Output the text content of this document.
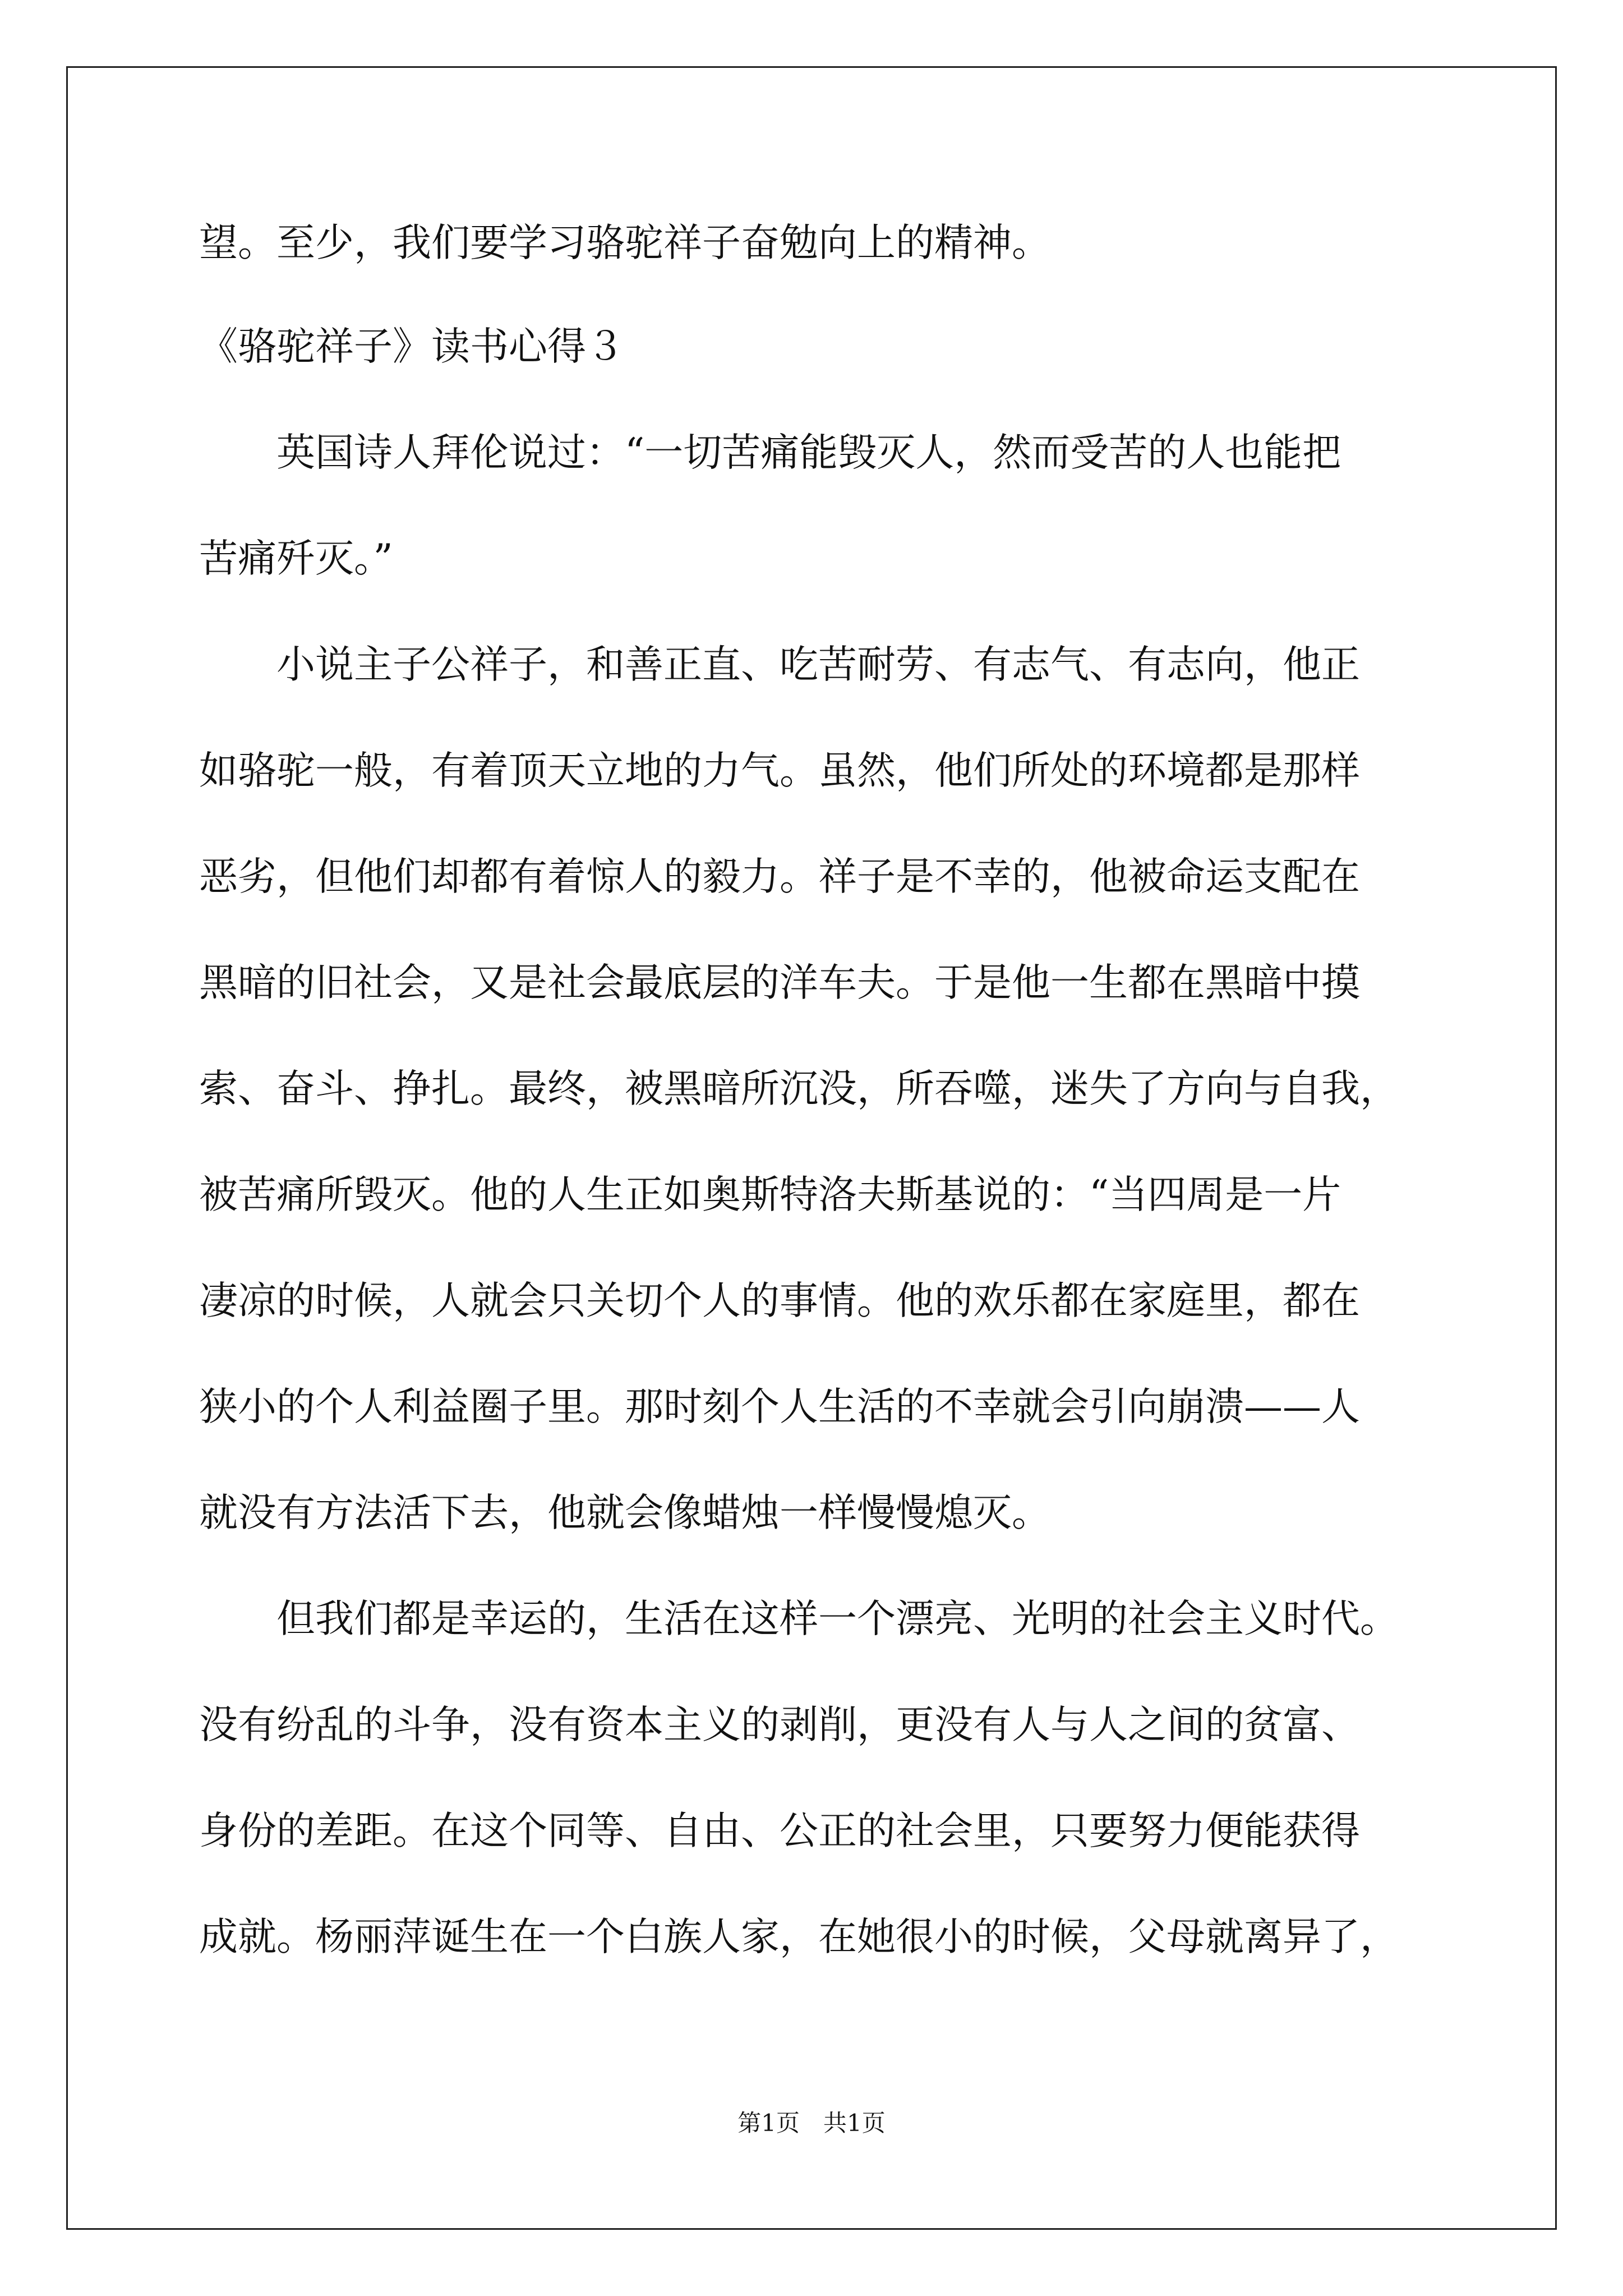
望。至少，我们要学习骆驼祥子奋勉向上的精神。
《骆驼祥子》读书心得３
　　英国诗人拜伦说过：“一切苦痛能毁灭人，然而受苦的人也能把
苦痛歼灭。”
　　小说主子公祥子，和善正直、吃苦耐劳、有志气、有志向，他正
如骆驼一般，有着顶天立地的力气。虽然，他们所处的环境都是那样
恶劣，但他们却都有着惊人的毅力。祥子是不幸的，他被命运支配在
黑暗的旧社会，又是社会最底层的洋车夫。于是他一生都在黑暗中摸
索、奋斗、挣扎。最终，被黑暗所沉没，所吞噬，迷失了方向与自我，
被苦痛所毁灭。他的人生正如奥斯特洛夫斯基说的：“当四周是一片
凄凉的时候，人就会只关切个人的事情。他的欢乐都在家庭里，都在
狭小的个人利益圈子里。那时刻个人生活的不幸就会引向崩溃——人
就没有方法活下去，他就会像蜡烛一样慢慢熄灭。
　　但我们都是幸运的，生活在这样一个漂亮、光明的社会主义时代。
没有纷乱的斗争，没有资本主义的剥削，更没有人与人之间的贫富、
身份的差距。在这个同等、自由、公正的社会里，只要努力便能获得
成就。杨丽萍诞生在一个白族人家，在她很小的时候，父母就离异了，
第1页　共1页
